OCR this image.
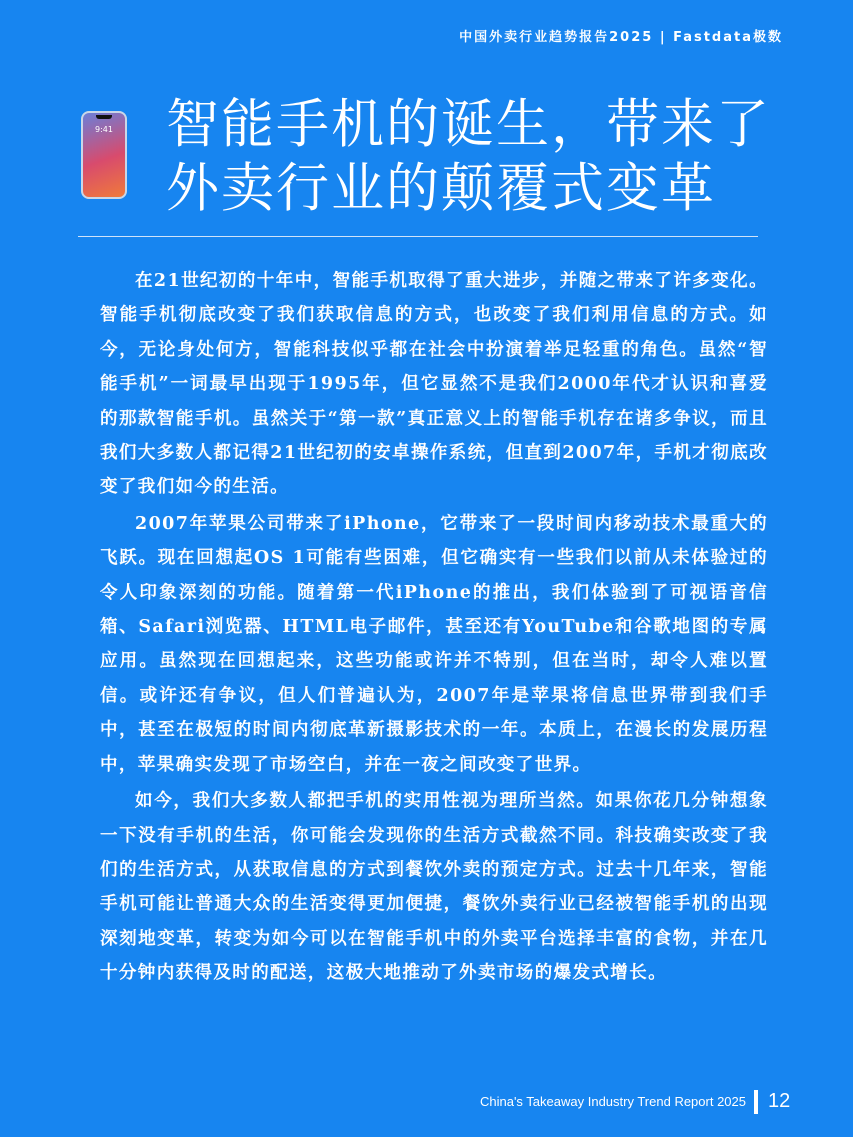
中国外卖行业趋势报告2025 | Fastdata极数
9:41 智能手机的诞生，带来了
外卖行业的颠覆式变革

在21世纪初的十年中，智能手机取得了重大进步，并随之带来了许多变化。智能手机彻底改变了我们获取信息的方式，也改变了我们利用信息的方式。如今，无论身处何方，智能科技似乎都在社会中扮演着举足轻重的角色。虽然“智能手机”一词最早出现于1995年，但它显然不是我们2000年代才认识和喜爱的那款智能手机。虽然关于“第一款”真正意义上的智能手机存在诸多争议，而且我们大多数人都记得21世纪初的安卓操作系统，但直到2007年，手机才彻底改变了我们如今的生活。

2007年苹果公司带来了iPhone，它带来了一段时间内移动技术最重大的飞跃。现在回想起OS 1可能有些困难，但它确实有一些我们以前从未体验过的令人印象深刻的功能。随着第一代iPhone的推出，我们体验到了可视语音信箱、Safari浏览器、HTML电子邮件，甚至还有YouTube和谷歌地图的专属应用。虽然现在回想起来，这些功能或许并不特别，但在当时，却令人难以置信。或许还有争议，但人们普遍认为，2007年是苹果将信息世界带到我们手中，甚至在极短的时间内彻底革新摄影技术的一年。本质上，在漫长的发展历程中，苹果确实发现了市场空白，并在一夜之间改变了世界。

如今，我们大多数人都把手机的实用性视为理所当然。如果你花几分钟想象一下没有手机的生活，你可能会发现你的生活方式截然不同。科技确实改变了我们的生活方式，从获取信息的方式到餐饮外卖的预定方式。过去十几年来，智能手机可能让普通大众的生活变得更加便捷，餐饮外卖行业已经被智能手机的出现深刻地变革，转变为如今可以在智能手机中的外卖平台选择丰富的食物，并在几十分钟内获得及时的配送，这极大地推动了外卖市场的爆发式增长。

China's Takeaway Industry Trend Report 2025 12
